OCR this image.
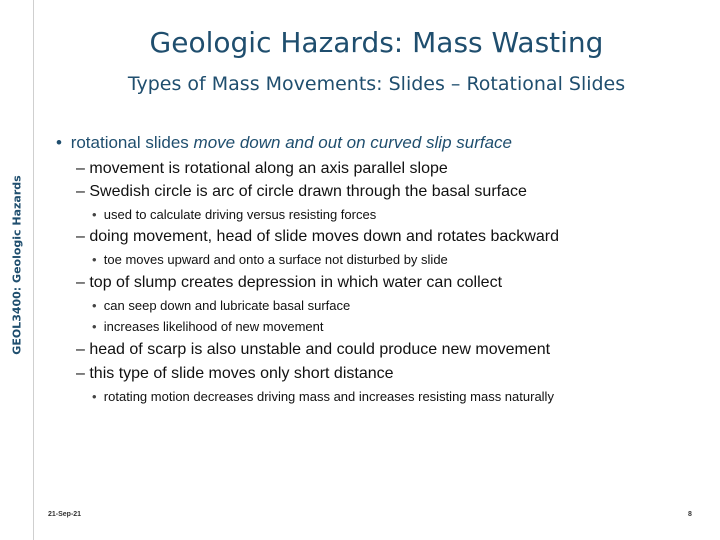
GEOL3400: Geologic Hazards
Geologic Hazards: Mass Wasting
Types of Mass Movements: Slides – Rotational Slides
• rotational slides move down and out on curved slip surface
– movement is rotational along an axis parallel slope
– Swedish circle is arc of circle drawn through the basal surface
• used to calculate driving versus resisting forces
– doing movement, head of slide moves down and rotates backward
• toe moves upward and onto a surface not disturbed by slide
– top of slump creates depression in which water can collect
• can seep down and lubricate basal surface
• increases likelihood of new movement
– head of scarp is also unstable and could produce new movement
– this type of slide moves only short distance
• rotating motion decreases driving mass and increases resisting mass naturally
21-Sep-21	8
